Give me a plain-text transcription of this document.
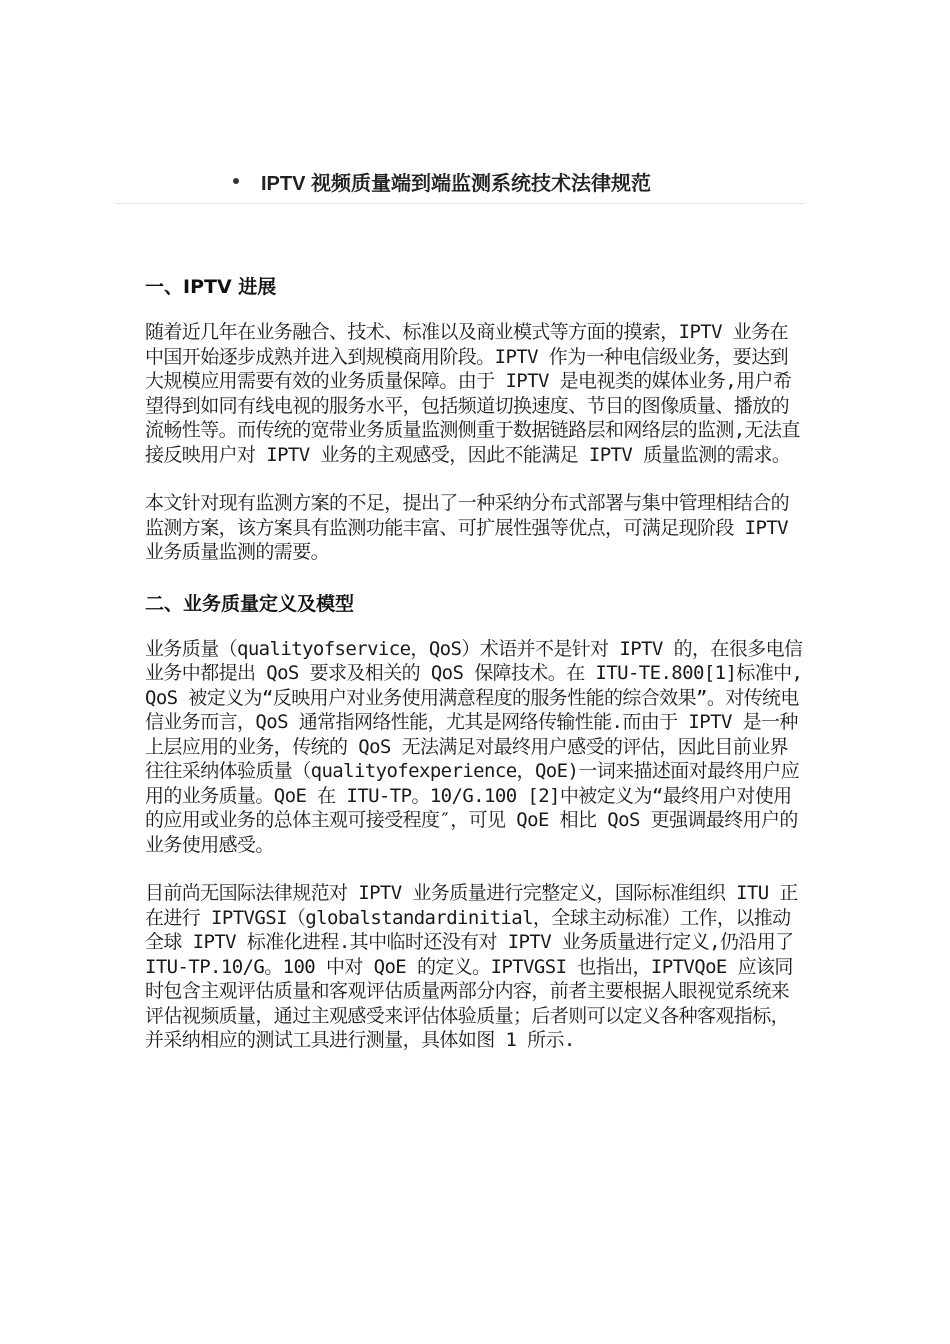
IPTV 视频质量端到端监测系统技术法律规范
一、IPTV 进展

随着近几年在业务融合、技术、标准以及商业模式等方面的摸索，IPTV 业务在中国开始逐步成熟并进入到规模商用阶段。IPTV 作为一种电信级业务，要达到大规模应用需要有效的业务质量保障。由于 IPTV 是电视类的媒体业务,用户希望得到如同有线电视的服务水平，包括频道切换速度、节目的图像质量、播放的流畅性等。而传统的宽带业务质量监测侧重于数据链路层和网络层的监测,无法直接反映用户对 IPTV 业务的主观感受，因此不能满足 IPTV 质量监测的需求。

本文针对现有监测方案的不足，提出了一种采纳分布式部署与集中管理相结合的监测方案，该方案具有监测功能丰富、可扩展性强等优点，可满足现阶段 IPTV 业务质量监测的需要。

二、业务质量定义及模型

业务质量（qualityofservice，QoS）术语并不是针对 IPTV 的，在很多电信业务中都提出 QoS 要求及相关的 QoS 保障技术。在 ITU-TE.800[1]标准中,QoS 被定义为“反映用户对业务使用满意程度的服务性能的综合效果”。对传统电信业务而言，QoS 通常指网络性能，尤其是网络传输性能.而由于 IPTV 是一种上层应用的业务，传统的 QoS 无法满足对最终用户感受的评估，因此目前业界往往采纳体验质量（qualityofexperience，QoE)一词来描述面对最终用户应用的业务质量。QoE 在 ITU-TP。10/G.100 [2]中被定义为“最终用户对使用的应用或业务的总体主观可接受程度″，可见 QoE 相比 QoS 更强调最终用户的业务使用感受。

目前尚无国际法律规范对 IPTV 业务质量进行完整定义，国际标准组织 ITU 正在进行 IPTVGSI（globalstandardinitial，全球主动标准）工作，以推动全球 IPTV 标准化进程.其中临时还没有对 IPTV 业务质量进行定义,仍沿用了 ITU-TP.10/G。100 中对 QoE 的定义。IPTVGSI 也指出，IPTVQoE 应该同时包含主观评估质量和客观评估质量两部分内容，前者主要根据人眼视觉系统来评估视频质量，通过主观感受来评估体验质量；后者则可以定义各种客观指标，并采纳相应的测试工具进行测量，具体如图 1 所示.
